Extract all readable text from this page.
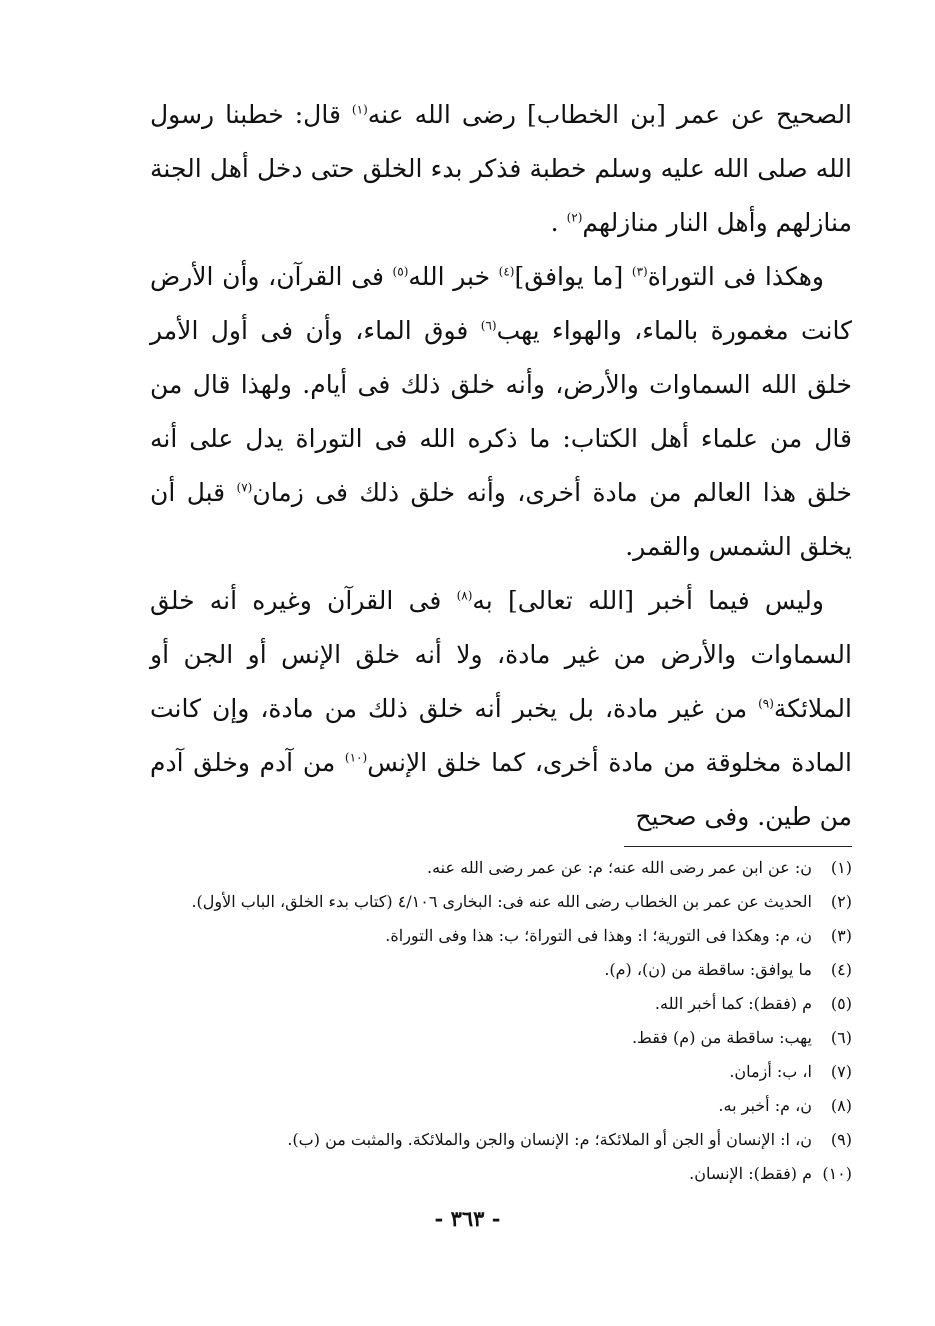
الصحيح عن عمر [بن الخطاب] رضى الله عنه$^{(١)}$ قال: خطبنا رسول الله صلى الله عليه وسلم خطبة فذكر بدء الخلق حتى دخل أهل الجنة منازلهم وأهل النار منازلهم$^{(٢)}$ .

وهكذا فى التوراة$^{(٣)}$ [ما يوافق]$^{(٤)}$ خبر الله$^{(٥)}$ فى القرآن، وأن الأرض كانت مغمورة بالماء، والهواء يهب$^{(٦)}$ فوق الماء، وأن فى أول الأمر خلق الله السماوات والأرض، وأنه خلق ذلك فى أيام. ولهذا قال من قال من علماء أهل الكتاب: ما ذكره الله فى التوراة يدل على أنه خلق هذا العالم من مادة أخرى، وأنه خلق ذلك فى زمان$^{(٧)}$ قبل أن يخلق الشمس والقمر.

وليس فيما أخبر [الله تعالى] به$^{(٨)}$ فى القرآن وغيره أنه خلق السماوات والأرض من غير مادة، ولا أنه خلق الإنس أو الجن أو الملائكة$^{(٩)}$ من غير مادة، بل يخبر أنه خلق ذلك من مادة، وإن كانت المادة مخلوقة من مادة أخرى، كما خلق الإنس$^{(١٠)}$ من آدم وخلق آدم من طين. وفى صحيح

(١)
ن: عن ابن عمر رضى الله عنه؛ م: عن عمر رضى الله عنه.
(٢)
الحديث عن عمر بن الخطاب رضى الله عنه فى: البخارى ٤/١٠٦ (كتاب بدء الخلق، الباب الأول).
(٣)
ن، م: وهكذا فى التورية؛ ا: وهذا فى التوراة؛ ب: هذا وفى التوراة.
(٤)
ما يوافق: ساقطة من (ن)، (م).
(٥)
م (فقط): كما أخبر الله.
(٦)
يهب: ساقطة من (م) فقط.
(٧)
ا، ب: أزمان.
(٨)
ن، م: أخبر به.
(٩)
ن، ا: الإنسان أو الجن أو الملائكة؛ م: الإنسان والجن والملائكة. والمثبت من (ب).
(١٠)
م (فقط): الإنسان.
- ٣٦٣ -
